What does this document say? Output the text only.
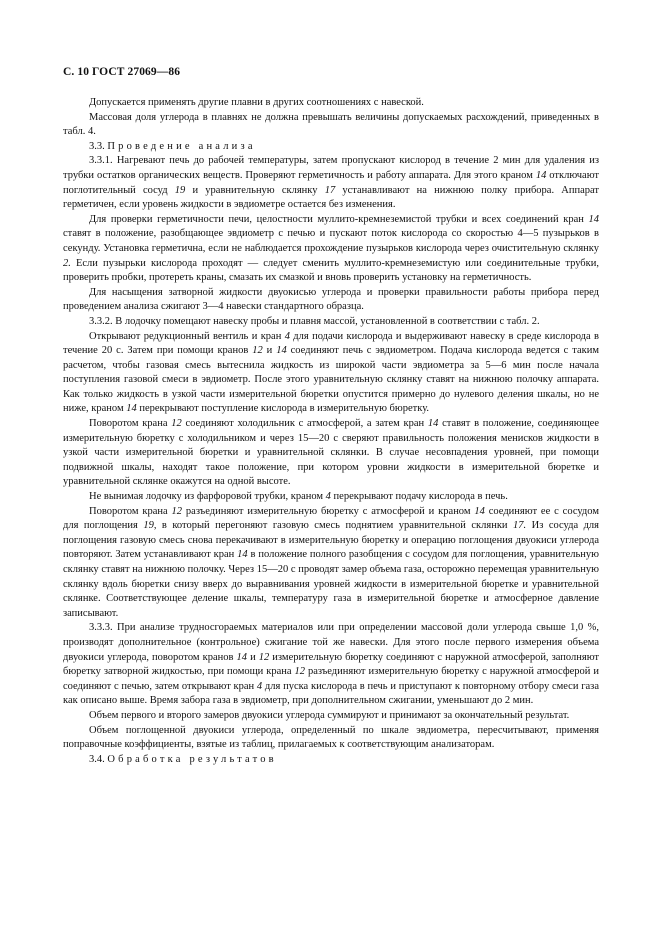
С. 10 ГОСТ 27069—86

Допускается применять другие плавни в других соотношениях с навеской.

Массовая доля углерода в плавнях не должна превышать величины допускаемых расхождений, приведенных в табл. 4.

3.3. Проведение анализа

3.3.1. Нагревают печь до рабочей температуры, затем пропускают кислород в течение 2 мин для удаления из трубки остатков органических веществ. Проверяют герметичность и работу аппарата. Для этого краном 14 отключают поглотительный сосуд 19 и уравнительную склянку 17 устанавливают на нижнюю полку прибора. Аппарат герметичен, если уровень жидкости в эвдиометре остается без изменения.

Для проверки герметичности печи, целостности муллито-кремнеземистой трубки и всех соединений кран 14 ставят в положение, разобщающее эвдиометр с печью и пускают поток кислорода со скоростью 4—5 пузырьков в секунду. Установка герметична, если не наблюдается прохождение пузырьков кислорода через очистительную склянку 2. Если пузырьки кислорода проходят — следует сменить муллито-кремнеземистую или соединительные трубки, проверить пробки, протереть краны, смазать их смазкой и вновь проверить установку на герметичность.

Для насыщения затворной жидкости двуокисью углерода и проверки правильности работы прибора перед проведением анализа сжигают 3—4 навески стандартного образца.

3.3.2. В лодочку помещают навеску пробы и плавня массой, установленной в соответствии с табл. 2.

Открывают редукционный вентиль и кран 4 для подачи кислорода и выдерживают навеску в среде кислорода в течение 20 с. Затем при помощи кранов 12 и 14 соединяют печь с эвдиометром. Подача кислорода ведется с таким расчетом, чтобы газовая смесь вытеснила жидкость из широкой части эвдиометра за 5—6 мин после начала поступления газовой смеси в эвдиометр. После этого уравнительную склянку ставят на нижнюю полочку аппарата. Как только жидкость в узкой части измерительной бюретки опустится примерно до нулевого деления шкалы, но не ниже, краном 14 перекрывают поступление кислорода в измерительную бюретку.

Поворотом крана 12 соединяют холодильник с атмосферой, а затем кран 14 ставят в положение, соединяющее измерительную бюретку с холодильником и через 15—20 с сверяют правильность положения менисков жидкости в узкой части измерительной бюретки и уравнительной склянки. В случае несовпадения уровней, при помощи подвижной шкалы, находят такое положение, при котором уровни жидкости в измерительной бюретке и уравнительной склянке окажутся на одной высоте.

Не вынимая лодочку из фарфоровой трубки, краном 4 перекрывают подачу кислорода в печь.

Поворотом крана 12 разъединяют измерительную бюретку с атмосферой и краном 14 соединяют ее с сосудом для поглощения 19, в который перегоняют газовую смесь поднятием уравнительной склянки 17. Из сосуда для поглощения газовую смесь снова перекачивают в измерительную бюретку и операцию поглощения двуокиси углерода повторяют. Затем устанавливают кран 14 в положение полного разобщения с сосудом для поглощения, уравнительную склянку ставят на нижнюю полочку. Через 15—20 с проводят замер объема газа, осторожно перемещая уравнительную склянку вдоль бюретки снизу вверх до выравнивания уровней жидкости в измерительной бюретке и уравнительной склянке. Соответствующее деление шкалы, температуру газа в измерительной бюретке и атмосферное давление записывают.

3.3.3. При анализе трудносгораемых материалов или при определении массовой доли углерода свыше 1,0 %, производят дополнительное (контрольное) сжигание той же навески. Для этого после первого измерения объема двуокиси углерода, поворотом кранов 14 и 12 измерительную бюретку соединяют с наружной атмосферой, заполняют бюретку затворной жидкостью, при помощи крана 12 разъединяют измерительную бюретку с наружной атмосферой и соединяют с печью, затем открывают кран 4 для пуска кислорода в печь и приступают к повторному отбору смеси газа как описано выше. Время забора газа в эвдиометр, при дополнительном сжигании, уменьшают до 2 мин.

Объем первого и второго замеров двуокиси углерода суммируют и принимают за окончательный результат.

Объем поглощенной двуокиси углерода, определенный по шкале эвдиометра, пересчитывают, применяя поправочные коэффициенты, взятые из таблиц, прилагаемых к соответствующим анализаторам.

3.4. Обработка результатов
